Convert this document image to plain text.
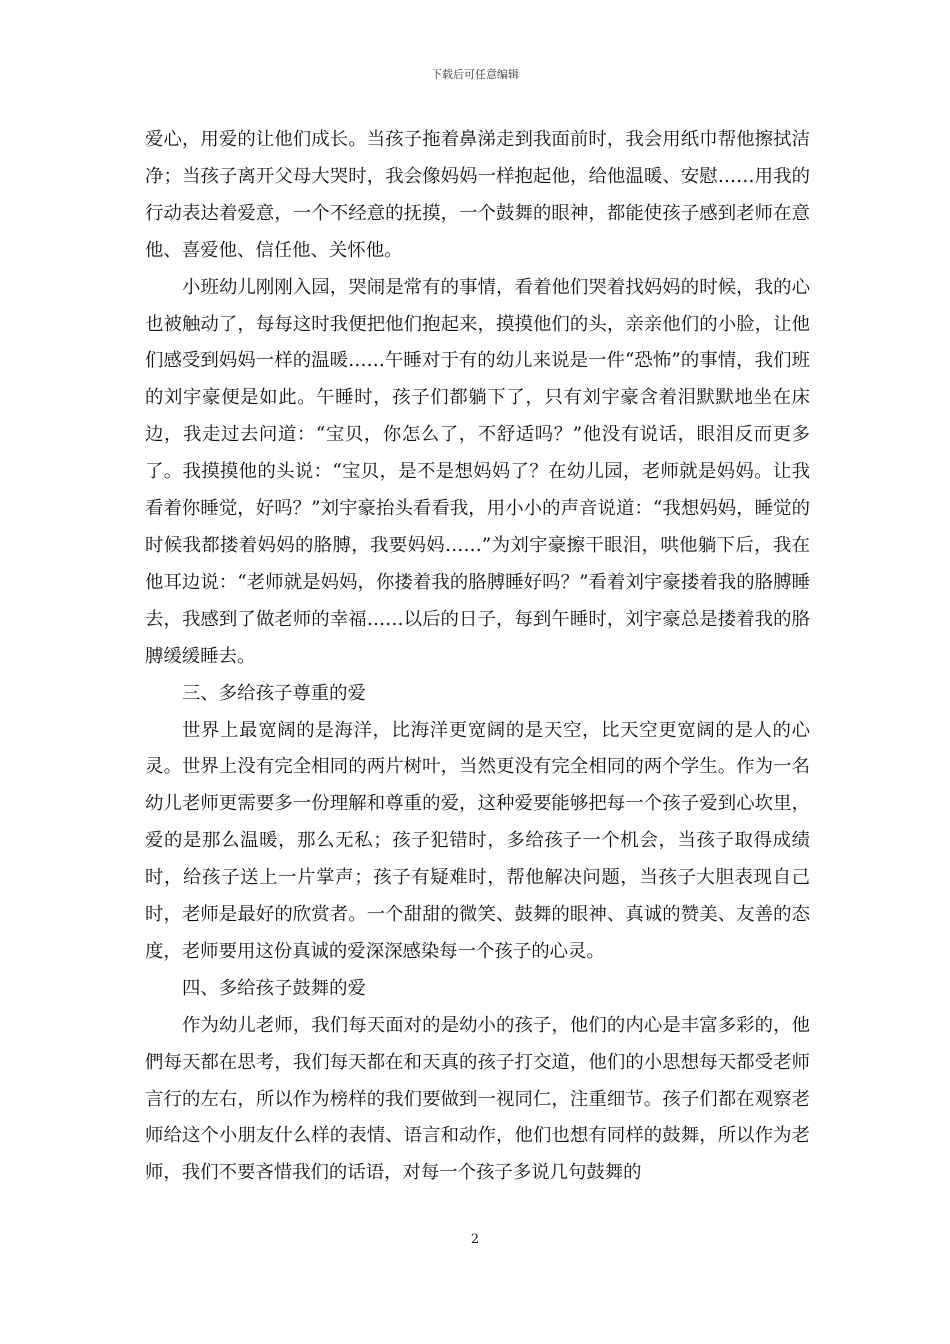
下载后可任意编辑

爱心，用爱的让他们成长。当孩子拖着鼻涕走到我面前时，我会用纸巾帮他擦拭洁净；当孩子离开父母大哭时，我会像妈妈一样抱起他，给他温暖、安慰……用我的行动表达着爱意，一个不经意的抚摸，一个鼓舞的眼神，都能使孩子感到老师在意他、喜爱他、信任他、关怀他。

小班幼儿刚刚入园，哭闹是常有的事情，看着他们哭着找妈妈的时候，我的心也被触动了，每每这时我便把他们抱起来，摸摸他们的头，亲亲他们的小脸，让他们感受到妈妈一样的温暖……午睡对于有的幼儿来说是一件“恐怖”的事情，我们班的刘宇豪便是如此。午睡时，孩子们都躺下了，只有刘宇豪含着泪默默地坐在床边，我走过去问道：“宝贝，你怎么了，不舒适吗？”他没有说话，眼泪反而更多了。我摸摸他的头说：“宝贝，是不是想妈妈了？在幼儿园，老师就是妈妈。让我看着你睡觉，好吗？”刘宇豪抬头看看我，用小小的声音说道：“我想妈妈，睡觉的时候我都搂着妈妈的胳膊，我要妈妈……”为刘宇豪擦干眼泪，哄他躺下后，我在他耳边说：“老师就是妈妈，你搂着我的胳膊睡好吗？”看着刘宇豪搂着我的胳膊睡去，我感到了做老师的幸福……以后的日子，每到午睡时，刘宇豪总是搂着我的胳膊缓缓睡去。

三、多给孩子尊重的爱

世界上最宽阔的是海洋，比海洋更宽阔的是天空，比天空更宽阔的是人的心灵。世界上没有完全相同的两片树叶，当然更没有完全相同的两个学生。作为一名幼儿老师更需要多一份理解和尊重的爱，这种爱要能够把每一个孩子爱到心坎里，爱的是那么温暖，那么无私；孩子犯错时，多给孩子一个机会，当孩子取得成绩时，给孩子送上一片掌声；孩子有疑难时，帮他解决问题，当孩子大胆表现自己时，老师是最好的欣赏者。一个甜甜的微笑、鼓舞的眼神、真诚的赞美、友善的态度，老师要用这份真诚的爱深深感染每一个孩子的心灵。

四、多给孩子鼓舞的爱

作为幼儿老师，我们每天面对的是幼小的孩子，他们的内心是丰富多彩的，他們每天都在思考，我们每天都在和天真的孩子打交道，他们的小思想每天都受老师言行的左右，所以作为榜样的我们要做到一视同仁，注重细节。孩子们都在观察老师给这个小朋友什么样的表情、语言和动作，他们也想有同样的鼓舞，所以作为老师，我们不要吝惜我们的话语，对每一个孩子多说几句鼓舞的

2
